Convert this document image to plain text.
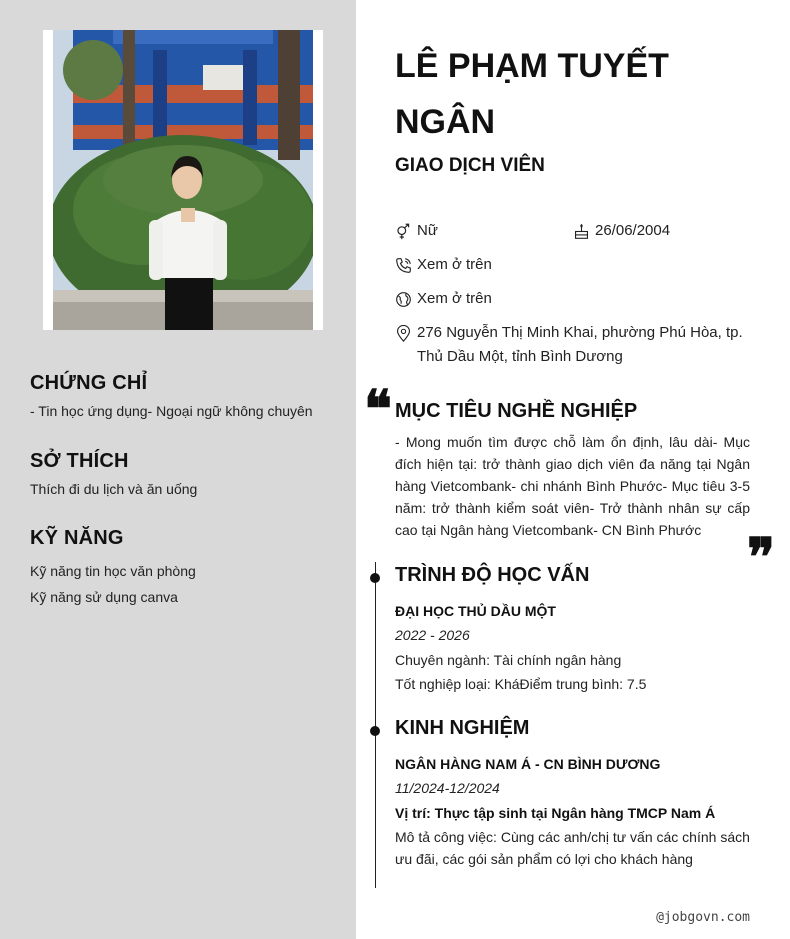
CHỨNG CHỈ
- Tin học ứng dụng- Ngoại ngữ không chuyên
SỞ THÍCH
Thích đi du lịch và ăn uống
KỸ NĂNG
Kỹ năng tin học văn phòng
Kỹ năng sử dụng canva
LÊ PHẠM TUYẾT NGÂN
GIAO DỊCH VIÊN
Nữ	26/06/2004
Xem ở trên
Xem ở trên
276 Nguyễn Thị Minh Khai, phường Phú Hòa, tp. Thủ Dầu Một, tỉnh Bình Dương
❝ MỤC TIÊU NGHỀ NGHIỆP
- Mong muốn tìm được chỗ làm ổn định, lâu dài- Mục đích hiện tại: trở thành giao dịch viên đa năng tại Ngân hàng Vietcombank- chi nhánh Bình Phước- Mục tiêu 3-5 năm: trở thành kiểm soát viên- Trở thành nhân sự cấp cao tại Ngân hàng Vietcombank- CN Bình Phước ❞
TRÌNH ĐỘ HỌC VẤN
ĐẠI HỌC THỦ DẦU MỘT
2022 - 2026
Chuyên ngành: Tài chính ngân hàng
Tốt nghiệp loại: KháĐiểm trung bình: 7.5
KINH NGHIỆM
NGÂN HÀNG NAM Á - CN BÌNH DƯƠNG
11/2024-12/2024
Vị trí: Thực tập sinh tại Ngân hàng TMCP Nam Á
Mô tả công việc: Cùng các anh/chị tư vấn các chính sách ưu đãi, các gói sản phẩm có lợi cho khách hàng
@jobgovn.com
